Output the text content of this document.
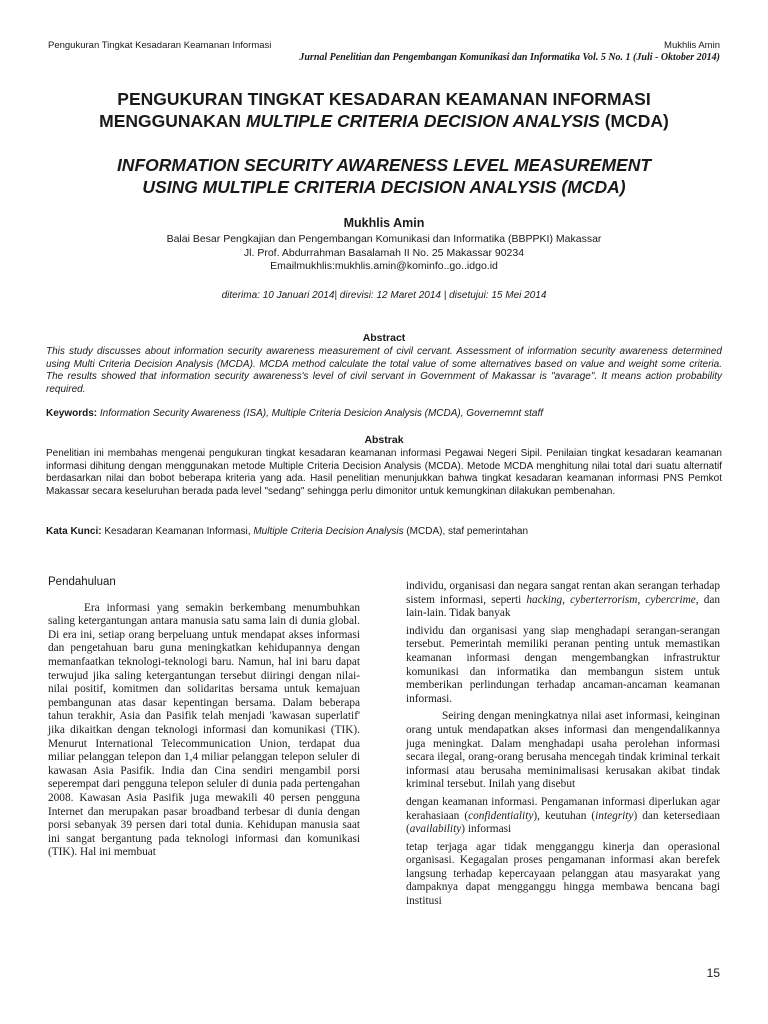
Pengukuran Tingkat Kesadaran Keamanan Informasi	Mukhlis Amin
Jurnal Penelitian dan Pengembangan Komunikasi dan Informatika Vol. 5 No. 1 (Juli - Oktober 2014)
PENGUKURAN TINGKAT KESADARAN KEAMANAN INFORMASI
MENGGUNAKAN MULTIPLE CRITERIA DECISION ANALYSIS (MCDA)
INFORMATION SECURITY AWARENESS LEVEL MEASUREMENT
USING MULTIPLE CRITERIA DECISION ANALYSIS (MCDA)
Mukhlis Amin
Balai Besar Pengkajian dan Pengembangan Komunikasi dan Informatika (BBPPKI) Makassar
Jl. Prof. Abdurrahman Basalamah II No. 25 Makassar 90234
Emailmukhlis:mukhlis.amin@kominfo..go..idgo.id
diterima: 10 Januari 2014| direvisi: 12 Maret 2014 | disetujui: 15 Mei 2014
Abstract
This study discusses about information security awareness measurement of civil cervant. Assessment of information security awareness determined using Multi Criteria Decision Analysis (MCDA). MCDA method calculate the total value of some alternatives based on value and weight some criteria. The results showed that information security awareness's level of civil servant in Government of Makassar is "avarage". It means action probability required.
Keywords: Information Security Awareness (ISA), Multiple Criteria Desicion Analysis (MCDA), Governemnt staff
Abstrak
Penelitian ini membahas mengenai pengukuran tingkat kesadaran keamanan informasi Pegawai Negeri Sipil. Penilaian tingkat kesadaran keamanan informasi dihitung dengan menggunakan metode Multiple Criteria Decision Analysis (MCDA). Metode MCDA menghitung nilai total dari suatu alternatif berdasarkan nilai dan bobot beberapa kriteria yang ada. Hasil penelitian menunjukkan bahwa tingkat kesadaran keamanan informasi PNS Pemkot Makassar secara keseluruhan berada pada level "sedang" sehingga perlu dimonitor untuk kemungkinan dilakukan pembenahan.
Kata Kunci: Kesadaran Keamanan Informasi, Multiple Criteria Decision Analysis (MCDA), staf pemerintahan
Pendahuluan

Era informasi yang semakin berkembang menumbuhkan saling ketergantungan antara manusia satu sama lain di dunia global. Di era ini, setiap orang berpeluang untuk mendapat akses informasi dan pengetahuan baru guna meningkatkan kehidupannya dengan memanfaatkan teknologi-teknologi baru. Namun, hal ini baru dapat terwujud jika saling ketergantungan tersebut diiringi dengan nilai-nilai positif, komitmen dan solidaritas bersama untuk kemajuan pembangunan atas dasar kepentingan bersama. Dalam beberapa tahun terakhir, Asia dan Pasifik telah menjadi 'kawasan superlatif' jika dikaitkan dengan teknologi informasi dan komunikasi (TIK). Menurut International Telecommunication Union, terdapat dua miliar pelanggan telepon dan 1,4 miliar pelanggan telepon seluler di kawasan Asia Pasifik. India dan Cina sendiri mengambil porsi seperempat dari pengguna telepon seluler di dunia pada pertengahan 2008. Kawasan Asia Pasifik juga mewakili 40 persen pengguna Internet dan merupakan pasar broadband terbesar di dunia dengan porsi sebanyak 39 persen dari total dunia. Kehidupan manusia saat ini sangat bergantung pada teknologi informasi dan komunikasi (TIK). Hal ini membuat

individu, organisasi dan negara sangat rentan akan serangan terhadap sistem informasi, seperti hacking, cyberterrorism, cybercrime, dan lain-lain. Tidak banyak

individu dan organisasi yang siap menghadapi serangan-serangan tersebut. Pemerintah memiliki peranan penting untuk memastikan keamanan informasi dengan mengembangkan infrastruktur komunikasi dan informatika dan membangun sistem untuk memberikan perlindungan terhadap ancaman-ancaman keamanan informasi.

Seiring dengan meningkatnya nilai aset informasi, keinginan orang untuk mendapatkan akses informasi dan mengendalikannya juga meningkat. Dalam menghadapi usaha perolehan informasi secara ilegal, orang-orang berusaha mencegah tindak kriminal terkait informasi atau berusaha meminimalisasi kerusakan akibat tindak kriminal tersebut. Inilah yang disebut

dengan keamanan informasi. Pengamanan informasi diperlukan agar kerahasiaan (confidentiality), keutuhan (integrity) dan ketersediaan (availability) informasi

tetap terjaga agar tidak mengganggu kinerja dan operasional organisasi. Kegagalan proses pengamanan informasi akan berefek langsung terhadap kepercayaan pelanggan atau masyarakat yang dampaknya dapat mengganggu hingga membawa bencana bagi institusi

15
